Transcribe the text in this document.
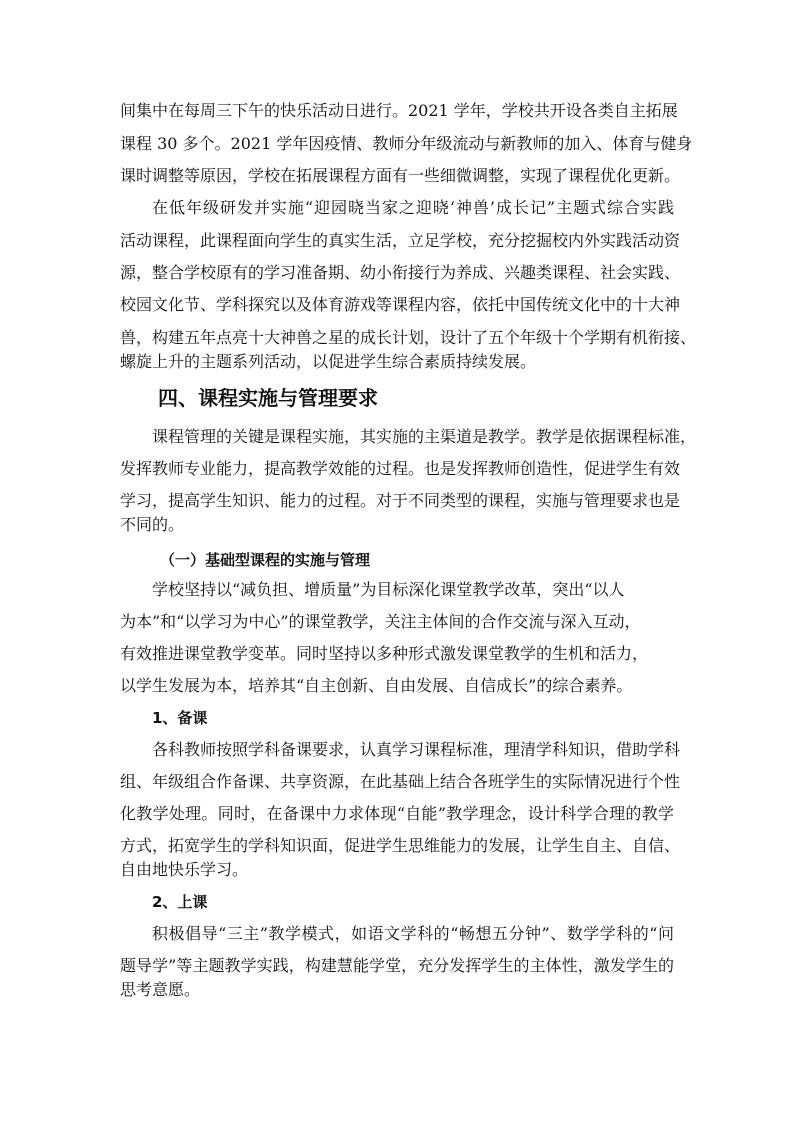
间集中在每周三下午的快乐活动日进行。2021 学年，学校共开设各类自主拓展
课程 30 多个。2021 学年因疫情、教师分年级流动与新教师的加入、体育与健身
课时调整等原因，学校在拓展课程方面有一些细微调整，实现了课程优化更新。
在低年级研发并实施“迎园晓当家之迎晓‘神兽’成长记”主题式综合实践
活动课程，此课程面向学生的真实生活，立足学校，充分挖掘校内外实践活动资
源，整合学校原有的学习准备期、幼小衔接行为养成、兴趣类课程、社会实践、
校园文化节、学科探究以及体育游戏等课程内容，依托中国传统文化中的十大神
兽，构建五年点亮十大神兽之星的成长计划，设计了五个年级十个学期有机衔接、
螺旋上升的主题系列活动，以促进学生综合素质持续发展。
四、课程实施与管理要求
课程管理的关键是课程实施，其实施的主渠道是教学。教学是依据课程标准，
发挥教师专业能力，提高教学效能的过程。也是发挥教师创造性，促进学生有效
学习，提高学生知识、能力的过程。对于不同类型的课程，实施与管理要求也是
不同的。
（一）基础型课程的实施与管理
学校坚持以“减负担、增质量”为目标深化课堂教学改革，突出“以人
为本”和“以学习为中心”的课堂教学，关注主体间的合作交流与深入互动，
有效推进课堂教学变革。同时坚持以多种形式激发课堂教学的生机和活力，
以学生发展为本，培养其“自主创新、自由发展、自信成长”的综合素养。
1、备课
各科教师按照学科备课要求，认真学习课程标准，理清学科知识，借助学科
组、年级组合作备课、共享资源，在此基础上结合各班学生的实际情况进行个性
化教学处理。同时，在备课中力求体现“自能”教学理念，设计科学合理的教学
方式，拓宽学生的学科知识面，促进学生思维能力的发展，让学生自主、自信、
自由地快乐学习。
2、上课
积极倡导“三主”教学模式，如语文学科的“畅想五分钟”、数学学科的“问
题导学”等主题教学实践，构建慧能学堂，充分发挥学生的主体性，激发学生的
思考意愿。
